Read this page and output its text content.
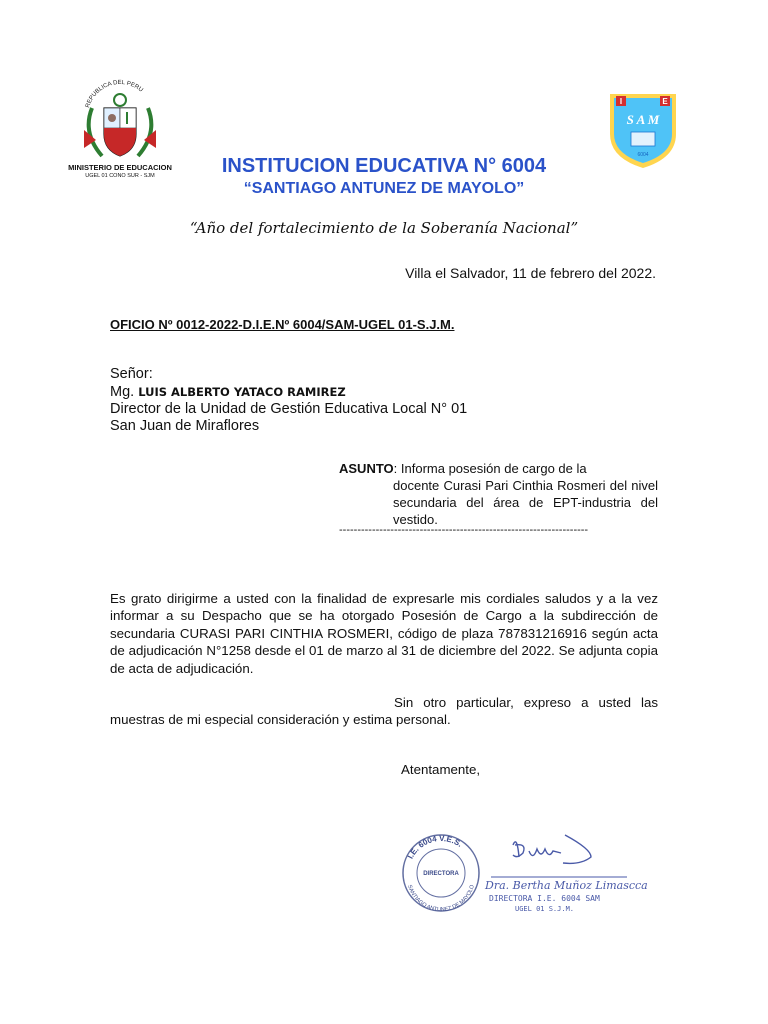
REPUBLICA DEL PERU
MINISTERIO DE EDUCACION
UGEL 01 CONO SUR - SJM
I	E
S A M
6004
INSTITUCION EDUCATIVA N° 6004
“SANTIAGO ANTUNEZ DE MAYOLO”
“Año del fortalecimiento de la Soberanía Nacional”
Villa el Salvador, 11 de febrero del 2022.
OFICIO Nº 0012-2022-D.I.E.Nº 6004/SAM-UGEL 01-S.J.M.
Señor:
Mg. LUIS ALBERTO YATACO RAMIREZ
Director de la Unidad de Gestión Educativa Local N° 01
San Juan de Miraflores
ASUNTO: Informa posesión de cargo de la
docente Curasi Pari Cinthia Rosmeri del nivel secundaria del área de EPT-industria del vestido.
--------------------------------------------------------------------
Es grato dirigirme a usted con la finalidad de expresarle mis cordiales saludos y a la vez informar a su Despacho que se ha otorgado Posesión de Cargo a la subdirección de secundaria CURASI PARI CINTHIA ROSMERI, código de plaza 787831216916 según acta de adjudicación N°1258 desde el 01 de marzo al 31 de diciembre del 2022. Se adjunta copia de acta de adjudicación.
Sin otro particular, expreso a usted las muestras de mi especial consideración y estima personal.
Atentamente,
I.E. 6004 V.E.S.
SANTIAGO ANTUNEZ DE MAYOLO
DIRECTORA
Dra. Bertha Muñoz Limascca
DIRECTORA I.E. 6004 SAM
UGEL 01 S.J.M.
